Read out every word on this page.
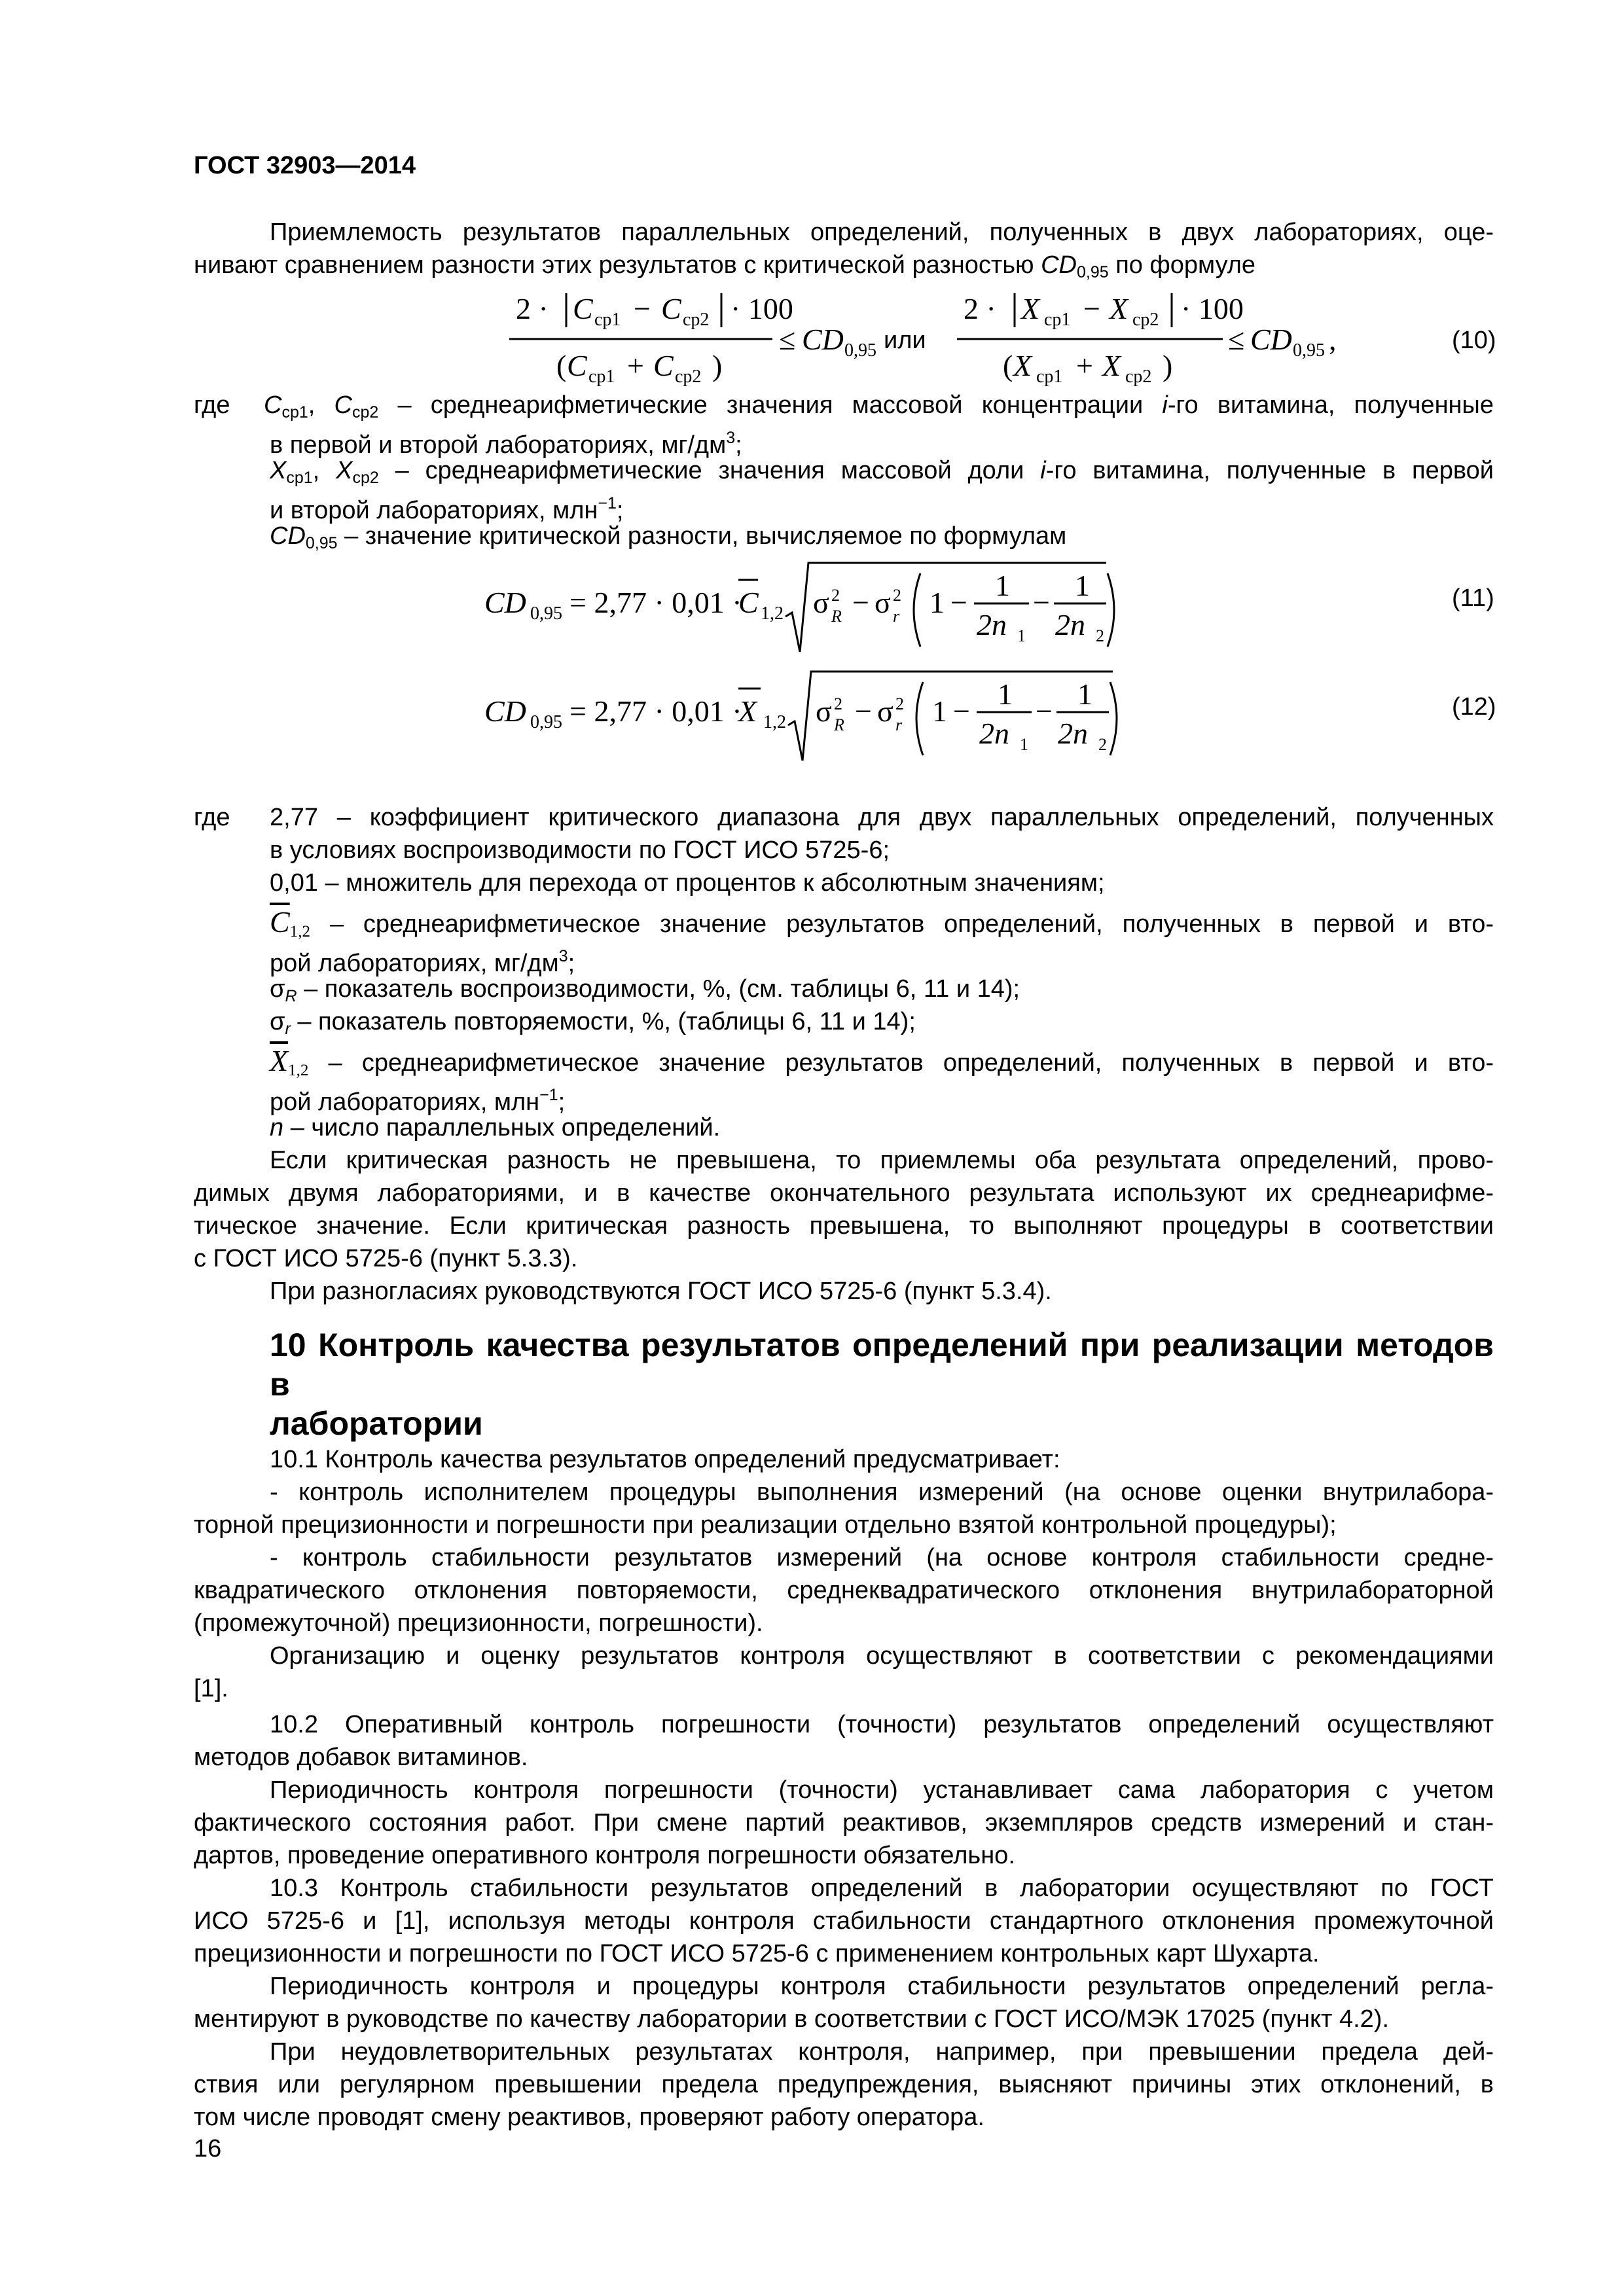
ГОСТ 32903—2014
Приемлемость результатов параллельных определений, полученных в двух лабораториях, оце-
нивают сравнением разности этих результатов с критической разностью $CD_{0,95}$ по формуле
2 · C ср1 − C ср2 · 100
( C ср1 + C ср2 )
≤ CD 0,95 или
2 · X ср1 − X ср2 · 100
( X ср1 + X ср2 )
≤ CD 0,95 ,	(10)
где $C_{ср1}$, $C_{ср2}$ – среднеарифметические значения массовой концентрации i-го витамина, полученные
в первой и второй лабораториях, $мг/дм^3$;
$X_{ср1}$, $X_{ср2}$ – среднеарифметические значения массовой доли i-го витамина, полученные в первой
и второй лабораториях, млн$^{-1}$;
$CD_{0,95}$ – значение критической разности, вычисляемое по формулам
CD 0,95 = 2,77 · 0,01 ·
C 1,2 σ 2
R − σ 2
r 1 −
1
2n 1
−
1
2n 2
(11)
CD 0,95 = 2,77 · 0,01 ·
X 1,2 σ 2
R − σ 2
r 1 −
1
2n 1
−
1
2n 2
(12)
где 2,77 – коэффициент критического диапазона для двух параллельных определений, полученных
в условиях воспроизводимости по ГОСТ ИСО 5725-6;
0,01 – множитель для перехода от процентов к абсолютным значениям;
$\overline{C}_{1,2}$ – среднеарифметическое значение результатов определений, полученных в первой и вто-
рой лабораториях, $мг/дм^3$;
$\sigma_R$ – показатель воспроизводимости, %, (см. таблицы 6, 11 и 14);
$\sigma_r$ – показатель повторяемости, %, (таблицы 6, 11 и 14);
$\overline{X}_{1,2}$ – среднеарифметическое значение результатов определений, полученных в первой и вто-
рой лабораториях, млн$^{-1}$;
n – число параллельных определений.
Если критическая разность не превышена, то приемлемы оба результата определений, прово-
димых двумя лабораториями, и в качестве окончательного результата используют их среднеарифме-
тическое значение. Если критическая разность превышена, то выполняют процедуры в соответствии
с ГОСТ ИСО 5725-6 (пункт 5.3.3).
При разногласиях руководствуются ГОСТ ИСО 5725-6 (пункт 5.3.4).
10 Контроль качества результатов определений при реализации методов в
лаборатории
10.1 Контроль качества результатов определений предусматривает:
- контроль исполнителем процедуры выполнения измерений (на основе оценки внутрилабора-
торной прецизионности и погрешности при реализации отдельно взятой контрольной процедуры);
- контроль стабильности результатов измерений (на основе контроля стабильности средне-
квадратического отклонения повторяемости, среднеквадратического отклонения внутрилабораторной
(промежуточной) прецизионности, погрешности).
Организацию и оценку результатов контроля осуществляют в соответствии с рекомендациями
[1].
10.2 Оперативный контроль погрешности (точности) результатов определений осуществляют
методов добавок витаминов.
Периодичность контроля погрешности (точности) устанавливает сама лаборатория с учетом
фактического состояния работ. При смене партий реактивов, экземпляров средств измерений и стан-
дартов, проведение оперативного контроля погрешности обязательно.
10.3 Контроль стабильности результатов определений в лаборатории осуществляют по ГОСТ
ИСО 5725-6 и [1], используя методы контроля стабильности стандартного отклонения промежуточной
прецизионности и погрешности по ГОСТ ИСО 5725-6 с применением контрольных карт Шухарта.
Периодичность контроля и процедуры контроля стабильности результатов определений регла-
ментируют в руководстве по качеству лаборатории в соответствии с ГОСТ ИСО/МЭК 17025 (пункт 4.2).
При неудовлетворительных результатах контроля, например, при превышении предела дей-
ствия или регулярном превышении предела предупреждения, выясняют причины этих отклонений, в
том числе проводят смену реактивов, проверяют работу оператора.
16
